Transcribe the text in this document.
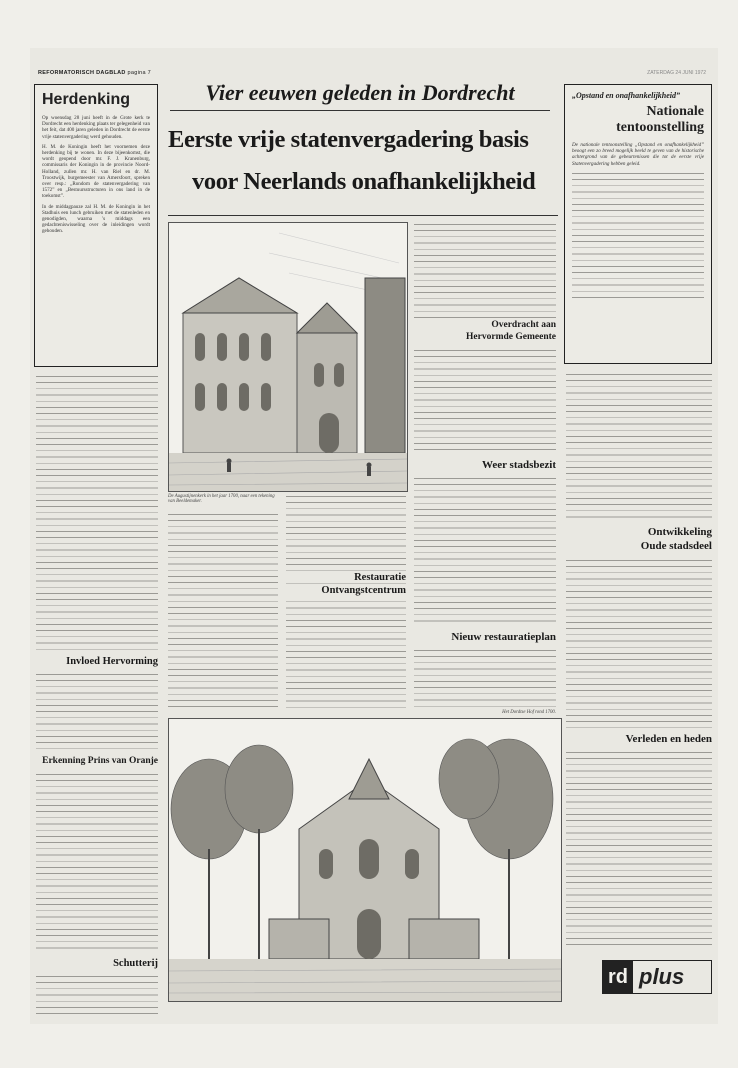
REFORMATORISCH DAGBLAD pagina 7	ZATERDAG 24 JUNI 1972
Herdenking

Op woensdag 28 juni heeft in de Grote kerk te Dordrecht een herdenking plaats ter gelegenheid van het feit, dat 400 jaren geleden in Dordrecht de eerste vrije statenvergadering werd gehouden.

H. M. de Koningin heeft het voornemen deze herdenking bij te wonen. In deze bijeenkomst, die wordt geopend door mr. F. J. Kranenburg, commissaris der Koningin in de provincie Noord-Holland, zullen mr. H. van Riel en dr. M. Troostwijk, burgemeester van Amersfoort, spreken over resp.: „Rondom de statenvergadering van 1572” en „Bestuursstructuren in ons land in de toekomst”.

In de middagpauze zal H. M. de Koningin in het Stadhuis een lunch gebruiken met de statenleden en genodigden, waarna 's middags een gedachteniswisseling over de inleidingen wordt gehouden.

Vier eeuwen geleden in Dordrecht
Eerste vrije statenvergadering basis
voor Neerlands onafhankelijkheid
„Opstand en onafhankelijkheid”
Nationale
tentoonstelling

De nationale tentoonstelling „Opstand en onafhankelijkheid” beoogt een zo breed mogelijk beeld te geven van de historische achtergrond van de gebeurtenissen die tot de eerste vrije Statenvergadering hebben geleid.

Invloed Hervorming
Erkenning Prins van Oranje
Schutterij
De Augustijnenkerk in het jaar 1700, naar een tekening van Beeldemaker.
Overdracht aan
Hervormde Gemeente
Weer stadsbezit
Nieuw restauratieplan
Restauratie
Ontvangstcentrum
Het Dordtse Hof rond 1700.
Ontwikkeling
Oude stadsdeel
Verleden en heden
rd plus
